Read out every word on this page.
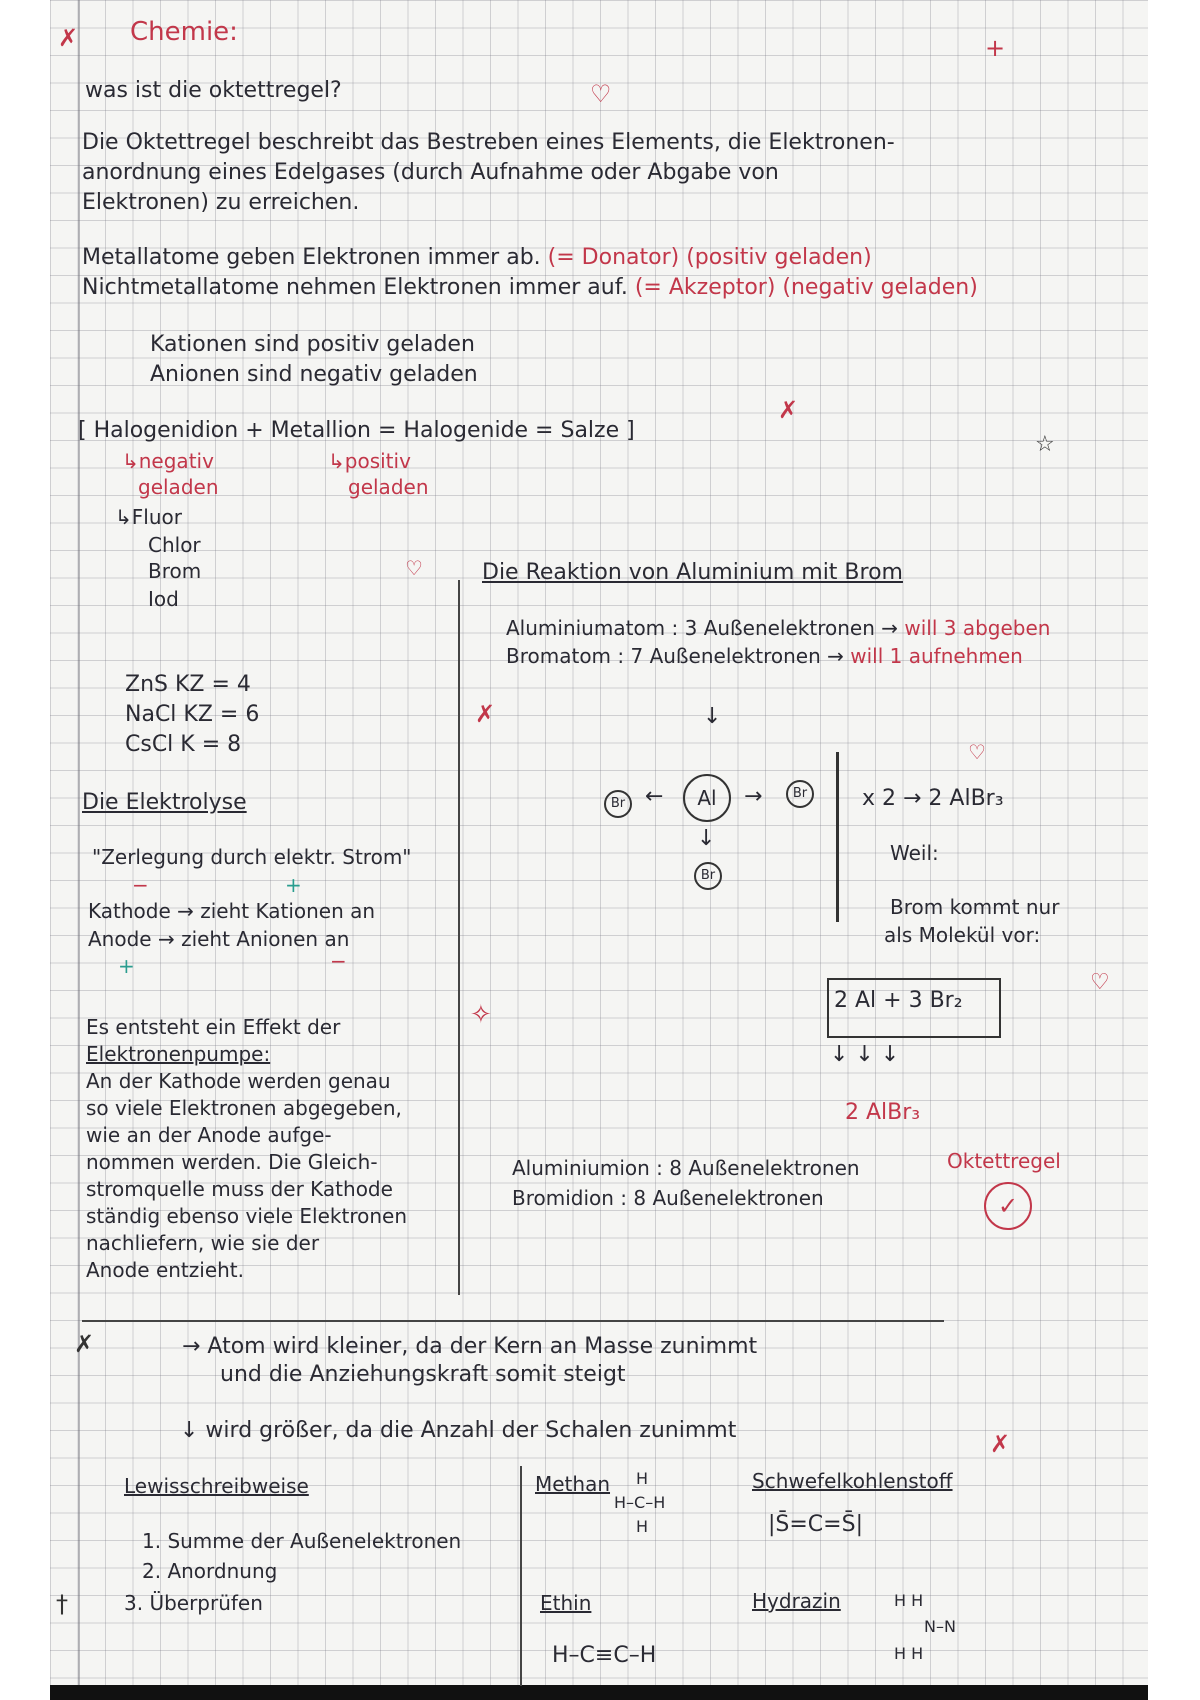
✗ Chemie:
+
was ist die oktettregel?	♡
Die Oktettregel beschreibt das Bestreben eines Elements, die Elektronen-
anordnung eines Edelgases (durch Aufnahme oder Abgabe von
Elektronen) zu erreichen.
Metallatome geben Elektronen immer ab. (= Donator) (positiv geladen)
Nichtmetallatome nehmen Elektronen immer auf. (= Akzeptor) (negativ geladen)
Kationen sind positiv geladen
Anionen sind negativ geladen
[ Halogenidion + Metallion = Halogenide = Salze ]
✗
☆
↳negativ
geladen
↳positiv
geladen
↳Fluor
Chlor
Brom
Iod
♡
ZnS KZ = 4
NaCl KZ = 6
CsCl K = 8
Die Elektrolyse
"Zerlegung durch elektr. Strom"
−	+
Kathode → zieht Kationen an
Anode → zieht Anionen an
+	−
Es entsteht ein Effekt der
Elektronenpumpe:
An der Kathode werden genau
so viele Elektronen abgegeben,
wie an der Anode aufge-
nommen werden. Die Gleich-
stromquelle muss der Kathode
ständig ebenso viele Elektronen
nachliefern, wie sie der
Anode entzieht.
✧
Die Reaktion von Aluminium mit Brom
Aluminiumatom : 3 Außenelektronen → will 3 abgeben
Bromatom : 7 Außenelektronen → will 1 aufnehmen
✗	↓
Br ←	Al	→	Br
↓
Br
♡
x 2 → 2 AlBr₃
Weil:
Brom kommt nur
als Molekül vor:
♡
2 Al + 3 Br₂
↓ ↓ ↓
2 AlBr₃
Aluminiumion : 8 Außenelektronen
Bromidion : 8 Außenelektronen
Oktettregel
✓
✗	→ Atom wird kleiner, da der Kern an Masse zunimmt
und die Anziehungskraft somit steigt
↓ wird größer, da die Anzahl der Schalen zunimmt	✗
Lewisschreibweise
1. Summe der Außenelektronen
2. Anordnung
3. Überprüfen
†
Methan H
H–C–H
H
Schwefelkohlenstoff
|S̄=C=S̄|
Ethin
H–C≡C–H
Hydrazin	H H
N–N
H H
